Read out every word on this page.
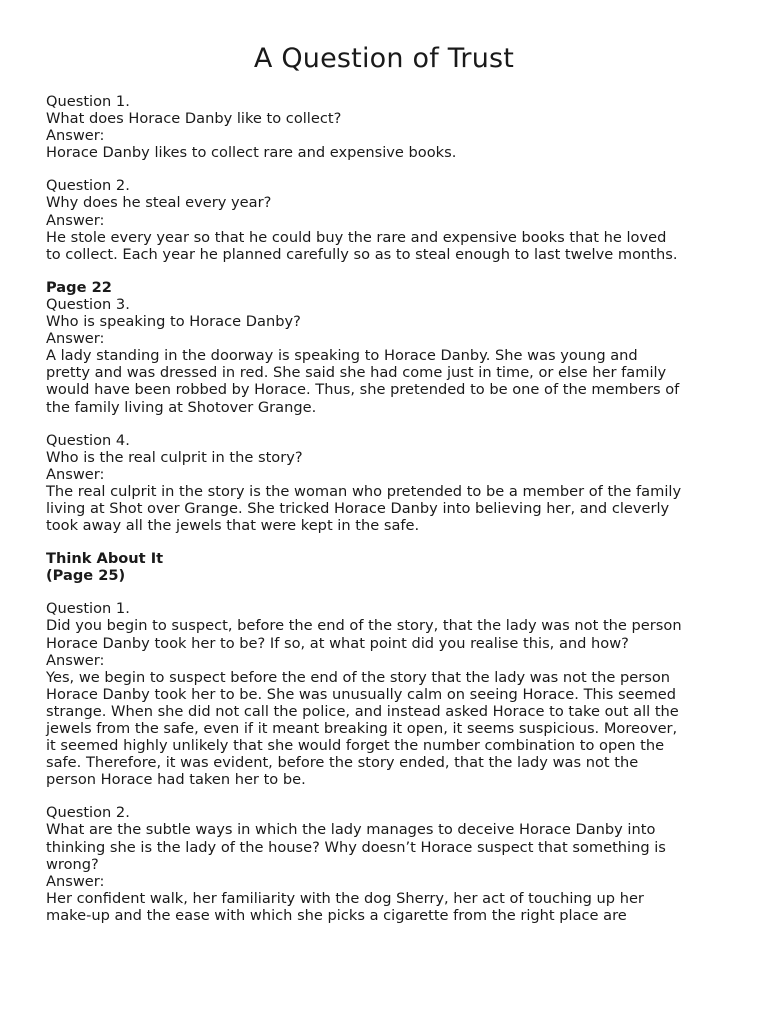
A Question of Trust
Question 1.
What does Horace Danby like to collect?
Answer:
Horace Danby likes to collect rare and expensive books.
Question 2.
Why does he steal every year?
Answer:
He stole every year so that he could buy the rare and expensive books that he loved
to collect. Each year he planned carefully so as to steal enough to last twelve months.
Page 22
Question 3.
Who is speaking to Horace Danby?
Answer:
A lady standing in the doorway is speaking to Horace Danby. She was young and
pretty and was dressed in red. She said she had come just in time, or else her family
would have been robbed by Horace. Thus, she pretended to be one of the members of
the family living at Shotover Grange.
Question 4.
Who is the real culprit in the story?
Answer:
The real culprit in the story is the woman who pretended to be a member of the family
living at Shot over Grange. She tricked Horace Danby into believing her, and cleverly
took away all the jewels that were kept in the safe.
Think About It
(Page 25)
Question 1.
Did you begin to suspect, before the end of the story, that the lady was not the person
Horace Danby took her to be? If so, at what point did you realise this, and how?
Answer:
Yes, we begin to suspect before the end of the story that the lady was not the person
Horace Danby took her to be. She was unusually calm on seeing Horace. This seemed
strange. When she did not call the police, and instead asked Horace to take out all the
jewels from the safe, even if it meant breaking it open, it seems suspicious. Moreover,
it seemed highly unlikely that she would forget the number combination to open the
safe. Therefore, it was evident, before the story ended, that the lady was not the
person Horace had taken her to be.
Question 2.
What are the subtle ways in which the lady manages to deceive Horace Danby into
thinking she is the lady of the house? Why doesn’t Horace suspect that something is
wrong?
Answer:
Her confident walk, her familiarity with the dog Sherry, her act of touching up her
make-up and the ease with which she picks a cigarette from the right place are
